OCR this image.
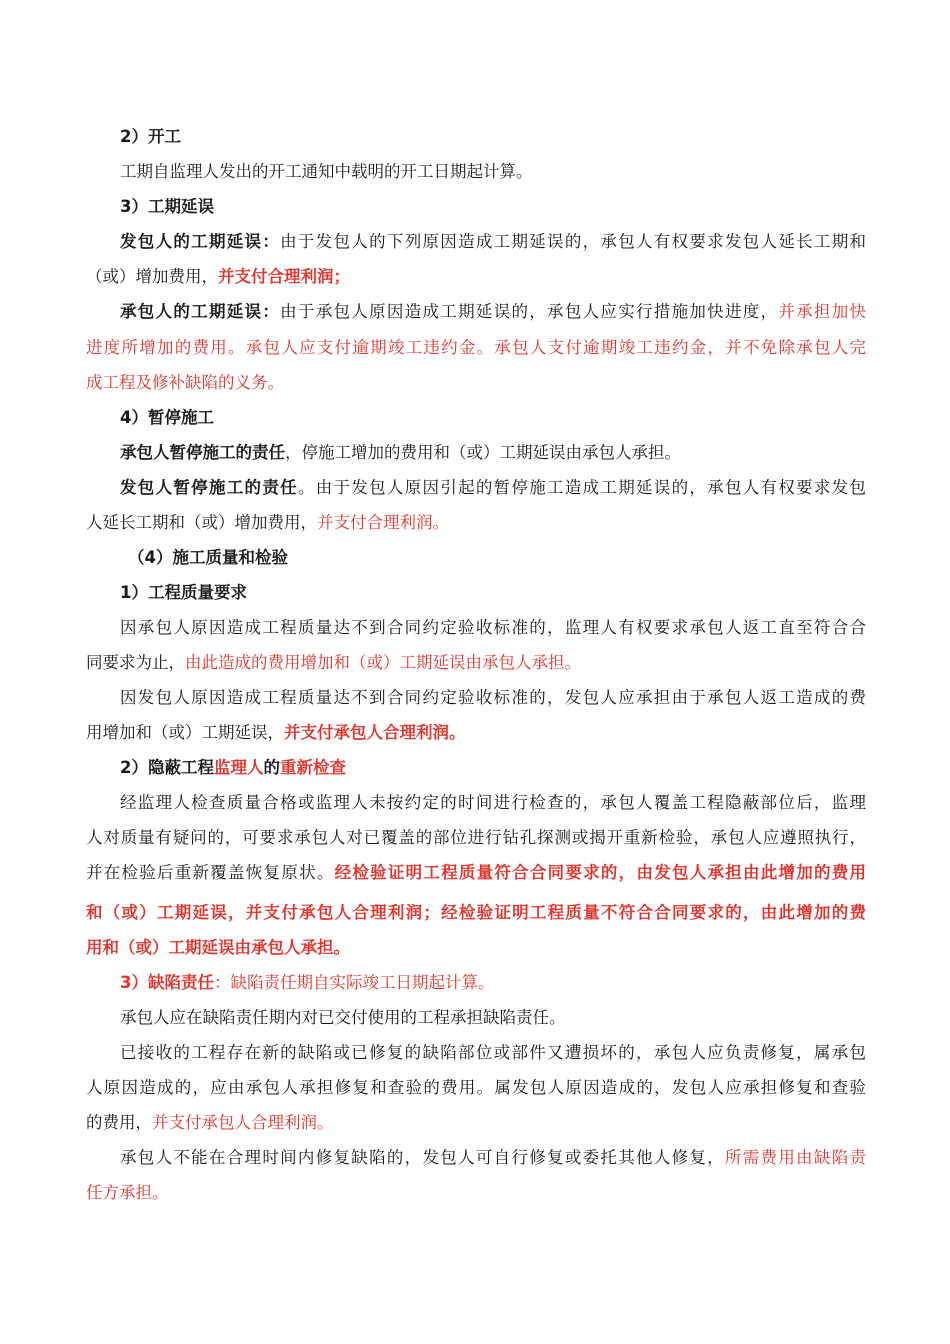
2）开工
工期自监理人发出的开工通知中载明的开工日期起计算。
3）工期延误
发包人的工期延误：由于发包人的下列原因造成工期延误的，承包人有权要求发包人延长工期和
（或）增加费用，并支付合理利润；
承包人的工期延误：由于承包人原因造成工期延误的，承包人应实行措施加快进度，并承担加快
进度所增加的费用。承包人应支付逾期竣工违约金。承包人支付逾期竣工违约金，并不免除承包人完
成工程及修补缺陷的义务。
4）暂停施工
承包人暂停施工的责任，停施工增加的费用和（或）工期延误由承包人承担。
发包人暂停施工的责任。由于发包人原因引起的暂停施工造成工期延误的，承包人有权要求发包
人延长工期和（或）增加费用，并支付合理利润。
（4）施工质量和检验
1）工程质量要求
因承包人原因造成工程质量达不到合同约定验收标准的，监理人有权要求承包人返工直至符合合
同要求为止，由此造成的费用增加和（或）工期延误由承包人承担。
因发包人原因造成工程质量达不到合同约定验收标准的，发包人应承担由于承包人返工造成的费
用增加和（或）工期延误，并支付承包人合理利润。
2）隐蔽工程监理人的重新检查
经监理人检查质量合格或监理人未按约定的时间进行检查的，承包人覆盖工程隐蔽部位后，监理
人对质量有疑问的，可要求承包人对已覆盖的部位进行钻孔探测或揭开重新检验，承包人应遵照执行，
并在检验后重新覆盖恢复原状。经检验证明工程质量符合合同要求的，由发包人承担由此增加的费用
和（或）工期延误，并支付承包人合理利润；经检验证明工程质量不符合合同要求的，由此增加的费
用和（或）工期延误由承包人承担。
3）缺陷责任：缺陷责任期自实际竣工日期起计算。
承包人应在缺陷责任期内对已交付使用的工程承担缺陷责任。
已接收的工程存在新的缺陷或已修复的缺陷部位或部件又遭损坏的，承包人应负责修复，属承包
人原因造成的，应由承包人承担修复和查验的费用。属发包人原因造成的，发包人应承担修复和查验
的费用，并支付承包人合理利润。
承包人不能在合理时间内修复缺陷的，发包人可自行修复或委托其他人修复，所需费用由缺陷责
任方承担。
